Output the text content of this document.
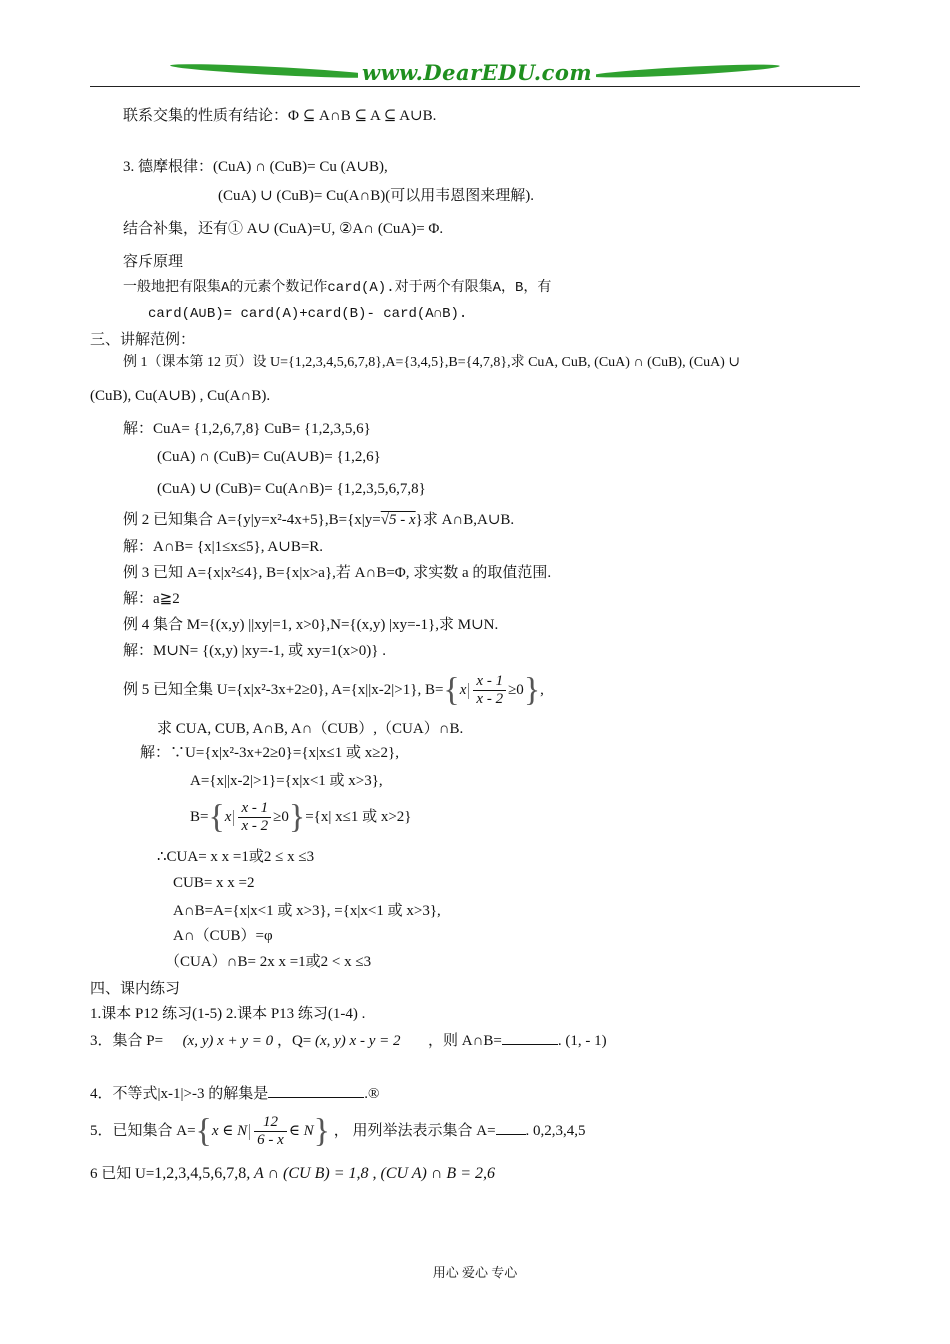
www.DearEDU.com
联系交集的性质有结论：Φ ⊆ A∩B ⊆ A ⊆ A∪B.
3. 德摩根律：(CuA) ∩ (CuB)= Cu (A∪B),
(CuA) ∪ (CuB)= Cu(A∩B)(可以用韦恩图来理解).
结合补集，还有① A∪ (CuA)=U, ②A∩ (CuA)= Φ.
容斥原理
一般地把有限集A的元素个数记作card(A).对于两个有限集A，B，有
card(A∪B)= card(A)+card(B)- card(A∩B).
三、讲解范例：
例 1（课本第 12 页）设 U={1,2,3,4,5,6,7,8},A={3,4,5},B={4,7,8},求 CuA, CuB, (CuA) ∩ (CuB), (CuA) ∪
(CuB), Cu(A∪B) , Cu(A∩B).
解：CuA= {1,2,6,7,8} CuB= {1,2,3,5,6}
(CuA) ∩ (CuB)= Cu(A∪B)= {1,2,6}
(CuA) ∪ (CuB)= Cu(A∩B)= {1,2,3,5,6,7,8}
例 2 已知集合 A={y|y=x²-4x+5},B={x|y=√5 - x}求 A∩B,A∪B.
解：A∩B= {x|1≤x≤5}, A∪B=R.
例 3 已知 A={x|x²≤4}, B={x|x>a},若 A∩B=Φ, 求实数 a 的取值范围.
解：a≧2
例 4 集合 M={(x,y) ||xy|=1, x>0},N={(x,y) |xy=-1},求 M∪N.
解：M∪N= {(x,y) |xy=-1, 或 xy=1(x>0)} .
例 5 已知全集 U={x|x²-3x+2≥0}, A={x||x-2|>1}, $B=\{x \frac{x - 1}{x - 2} \ge 0\}$,
求 CUA, CUB, A∩B, A∩（CUB）,（CUA）∩B.
解：∵U={x|x²-3x+2≥0}={x|x≤1 或 x≥2},
A={x||x-2|>1}={x|x<1 或 x>3},
$B=\{x \frac{x - 1}{x - 2} \ge 0\}=\{x|$ x≤1 或 x>2}
∴CUA= x x =1或2 ≤ x ≤3
CUB= x x =2
A∩B=A={x|x<1 或 x>3}, ={x|x<1 或 x>3},
A∩（CUB）=φ
（CUA）∩B= 2x x =1或2 < x ≤3
四、课内练习
1.课本 P12 练习(1-5) 2.课本 P13 练习(1-4) .
3．集合 P= (x, y) x + y = 0 ，Q= (x, y) x - y = 2 ，则 A∩B=	. (1, - 1)
4．不等式|x-1|>-3 的解集是	.®
5．已知集合 A={x ∈ N $\frac{12}{6 - x}$ ∈ N} ， 用列举法表示集合 A= . 0,2,3,4,5
6 已知 U=1,2,3,4,5,6,7,8, A ∩ (CU B) = 1,8 , (CU A) ∩ B = 2,6
用心 爱心 专心
